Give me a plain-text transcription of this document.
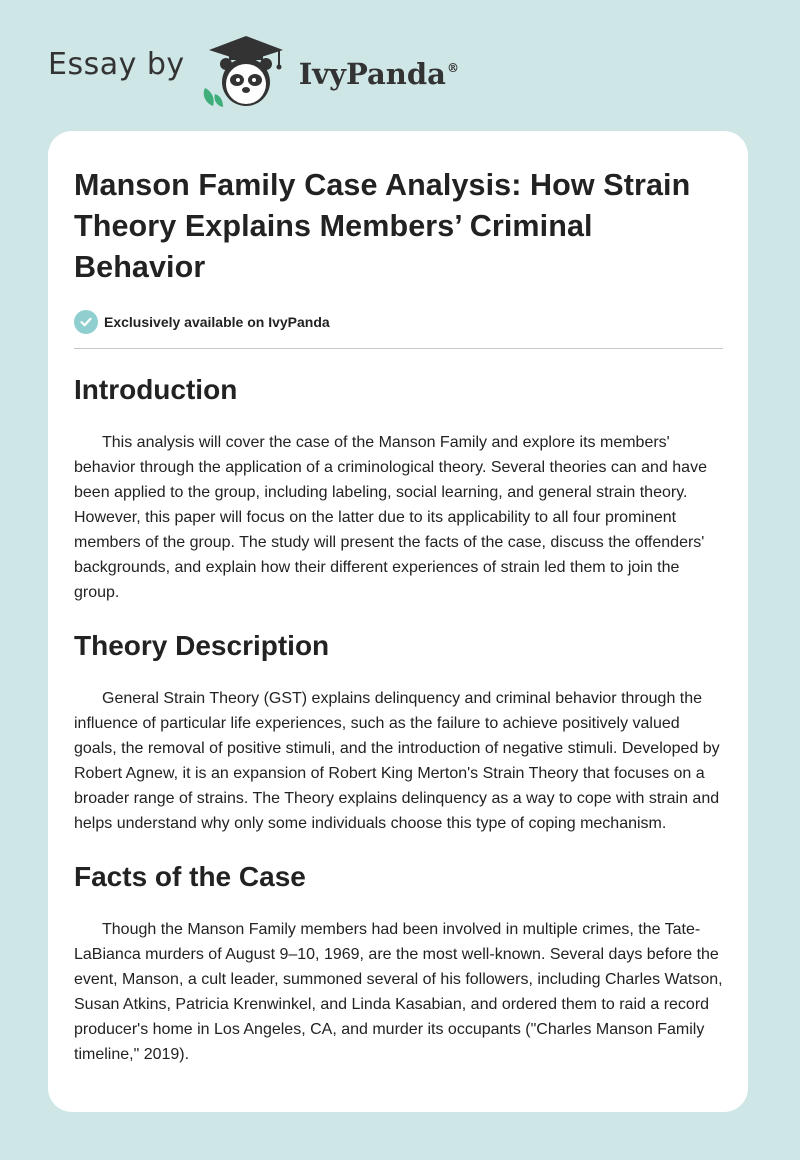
Essay by	IvyPanda®
Manson Family Case Analysis: How Strain Theory Explains Members’ Criminal Behavior
Exclusively available on IvyPanda
Introduction

This analysis will cover the case of the Manson Family and explore its members' behavior through the application of a criminological theory. Several theories can and have been applied to the group, including labeling, social learning, and general strain theory. However, this paper will focus on the latter due to its applicability to all four prominent members of the group. The study will present the facts of the case, discuss the offenders' backgrounds, and explain how their different experiences of strain led them to join the group.

Theory Description

General Strain Theory (GST) explains delinquency and criminal behavior through the influence of particular life experiences, such as the failure to achieve positively valued goals, the removal of positive stimuli, and the introduction of negative stimuli. Developed by Robert Agnew, it is an expansion of Robert King Merton's Strain Theory that focuses on a broader range of strains. The Theory explains delinquency as a way to cope with strain and helps understand why only some individuals choose this type of coping mechanism.

Facts of the Case

Though the Manson Family members had been involved in multiple crimes, the Tate-LaBianca murders of August 9–10, 1969, are the most well-known. Several days before the event, Manson, a cult leader, summoned several of his followers, including Charles Watson, Susan Atkins, Patricia Krenwinkel, and Linda Kasabian, and ordered them to raid a record producer's home in Los Angeles, CA, and murder its occupants ("Charles Manson Family timeline," 2019).
